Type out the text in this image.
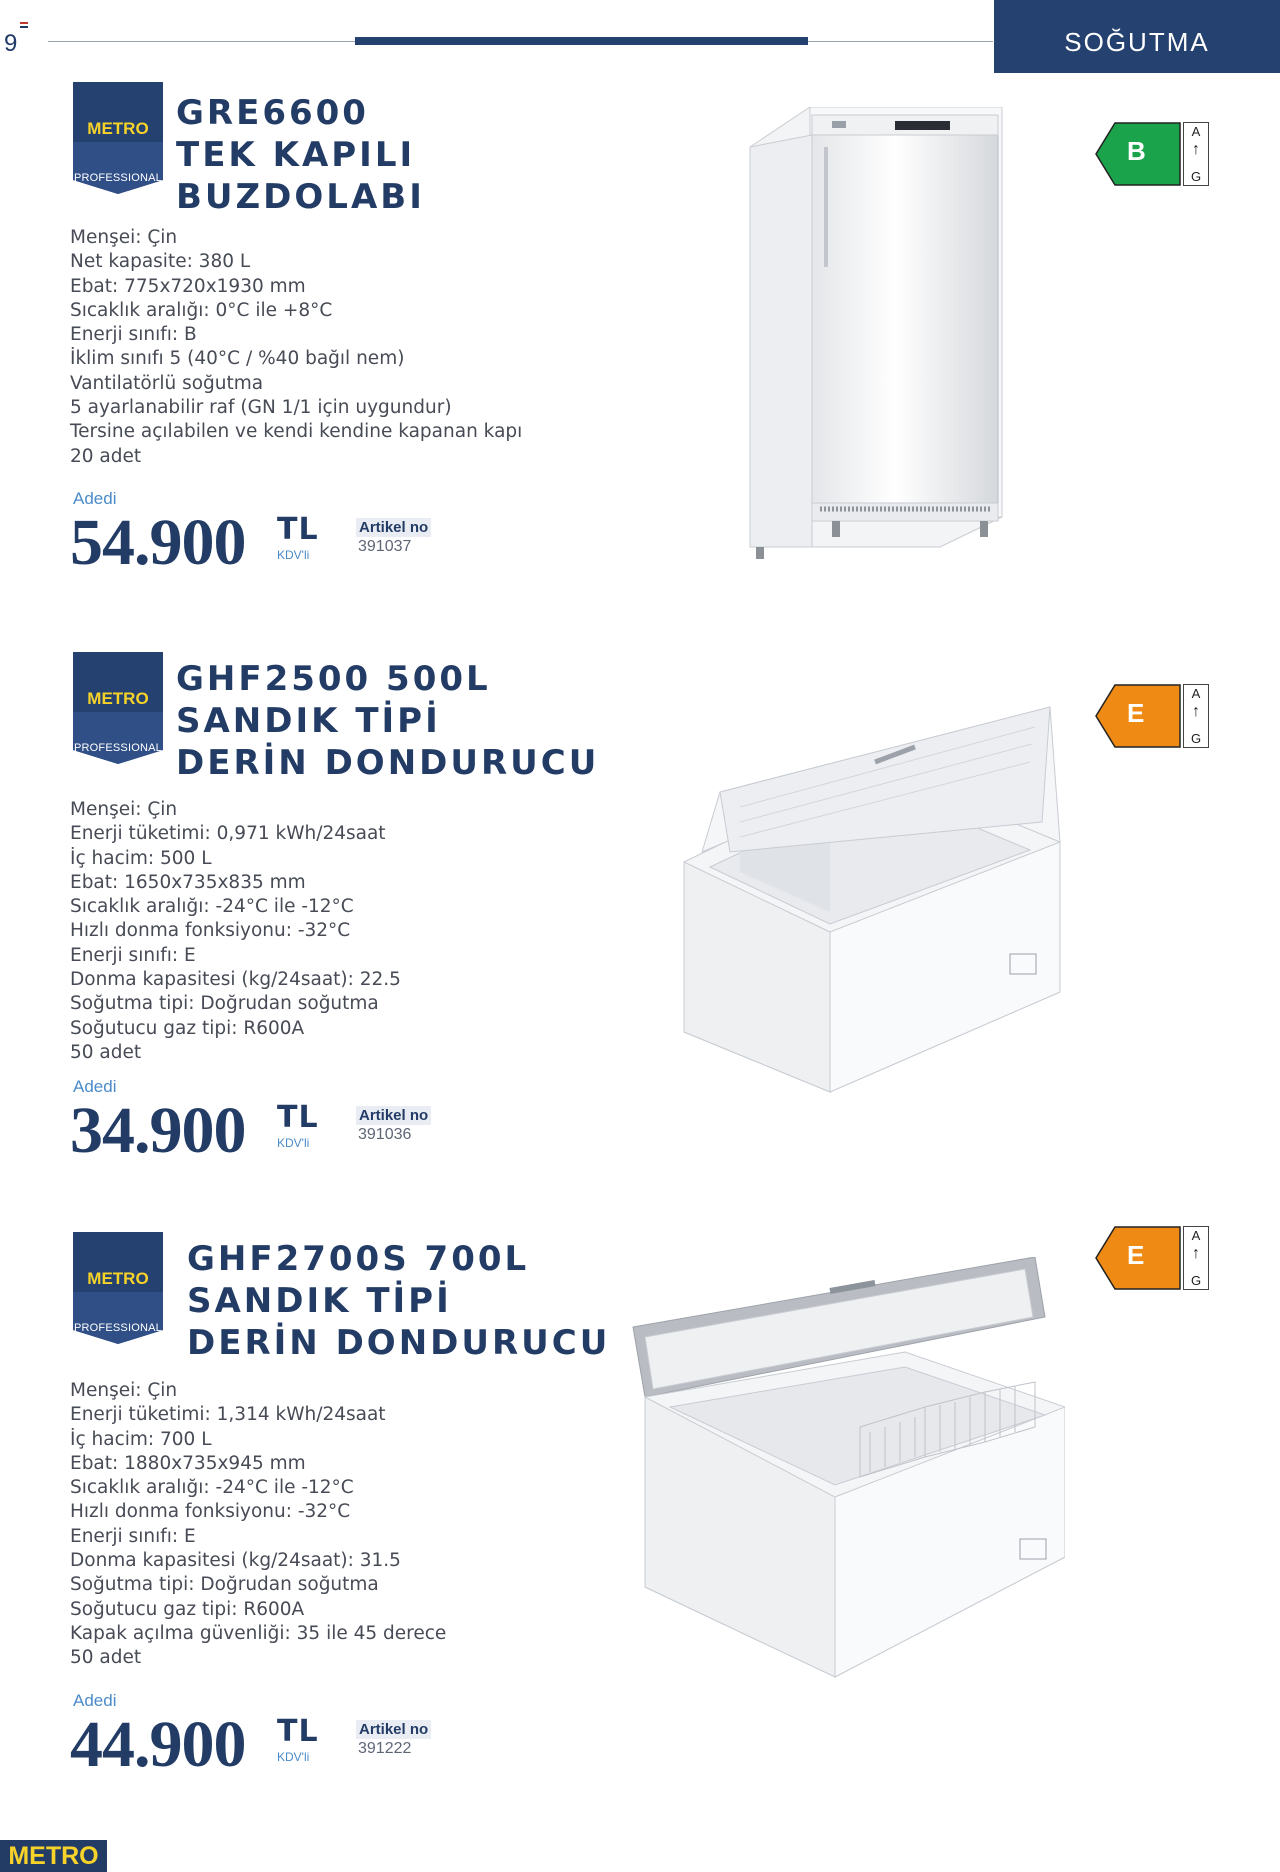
9	SOĞUTMA
METRO
PROFESSIONAL
GRE6600
TEK KAPILI
BUZDOLABI
Menşei: Çin
Net kapasite: 380 L
Ebat: 775x720x1930 mm
Sıcaklık aralığı: 0°C ile +8°C
Enerji sınıfı: B
İklim sınıfı 5 (40°C / %40 bağıl nem)
Vantilatörlü soğutma
5 ayarlanabilir raf (GN 1/1 için uygundur)
Tersine açılabilen ve kendi kendine kapanan kapı
20 adet
Adedi
54.900 TL
KDV'li
Artikel no
391037
B
A
↑
G
METRO
PROFESSIONAL
GHF2500 500L
SANDIK TİPİ
DERİN DONDURUCU
Menşei: Çin
Enerji tüketimi: 0,971 kWh/24saat
İç hacim: 500 L
Ebat: 1650x735x835 mm
Sıcaklık aralığı: -24°C ile -12°C
Hızlı donma fonksiyonu: -32°C
Enerji sınıfı: E
Donma kapasitesi (kg/24saat): 22.5
Soğutma tipi: Doğrudan soğutma
Soğutucu gaz tipi: R600A
50 adet
Adedi
34.900 TL
KDV'li
Artikel no
391036
E
A
↑
G
METRO
PROFESSIONAL
GHF2700S 700L
SANDIK TİPİ
DERİN DONDURUCU
Menşei: Çin
Enerji tüketimi: 1,314 kWh/24saat
İç hacim: 700 L
Ebat: 1880x735x945 mm
Sıcaklık aralığı: -24°C ile -12°C
Hızlı donma fonksiyonu: -32°C
Enerji sınıfı: E
Donma kapasitesi (kg/24saat): 31.5
Soğutma tipi: Doğrudan soğutma
Soğutucu gaz tipi: R600A
Kapak açılma güvenliği: 35 ile 45 derece
50 adet
Adedi
44.900 TL
KDV'li
Artikel no
391222
E
A
↑
G
METRO
